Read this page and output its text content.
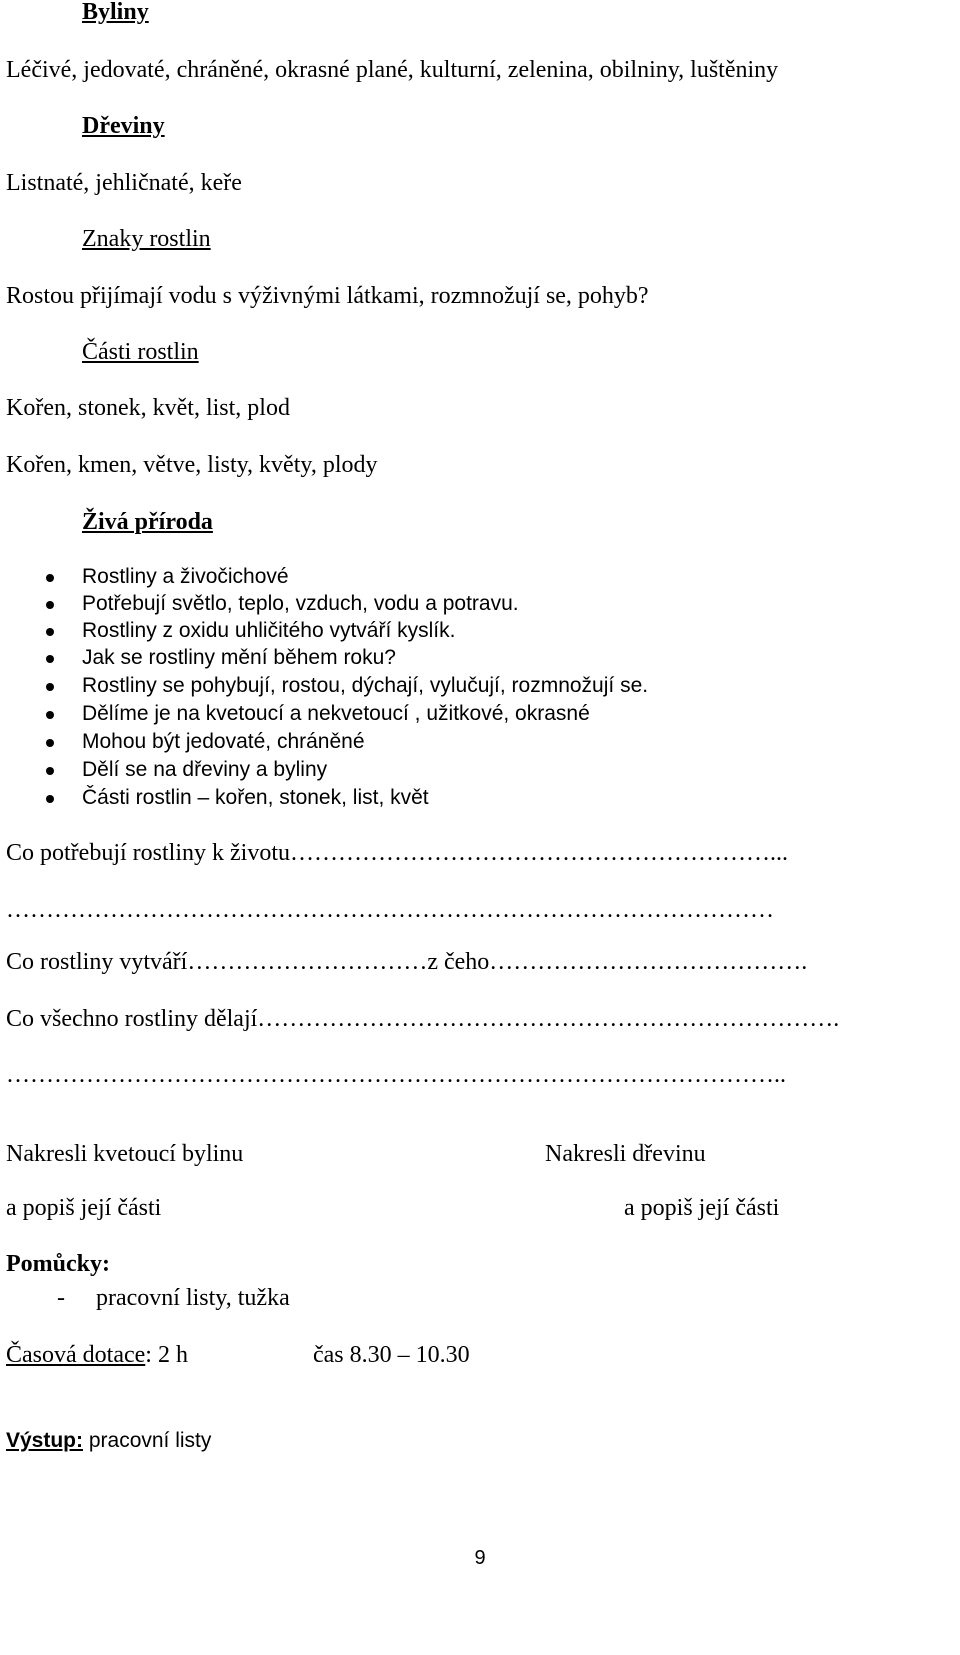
Byliny
Léčivé, jedovaté, chráněné, okrasné plané, kulturní, zelenina, obilniny, luštěniny
Dřeviny
Listnaté, jehličnaté, keře
Znaky rostlin
Rostou přijímají vodu s výživnými látkami, rozmnožují se, pohyb?
Části rostlin
Kořen, stonek, květ, list, plod
Kořen, kmen, větve, listy, květy, plody
Živá příroda
Rostliny a živočichové
Potřebují světlo, teplo, vzduch, vodu a potravu.
Rostliny z oxidu uhličitého vytváří kyslík.
Jak se rostliny mění během roku?
Rostliny se pohybují, rostou, dýchají, vylučují, rozmnožují se.
Dělíme je na kvetoucí a nekvetoucí , užitkové, okrasné
Mohou být jedovaté, chráněné
Dělí se na dřeviny a byliny
Části rostlin – kořen, stonek, list, květ
Co potřebují rostliny k životu……………………………………………………...
……………………………………………………………………………………
Co rostliny vytváří…………………………z čeho………………………………….
Co všechno rostliny dělají……………………………………………………………….
……………………………………………………………………………………..
Nakresli kvetoucí bylinu
a popiš její části
Nakresli dřevinu
a popiš její části
Pomůcky:
- pracovní listy, tužka
Časová dotace: 2 h	čas 8.30 – 10.30
Výstup: pracovní listy
9
